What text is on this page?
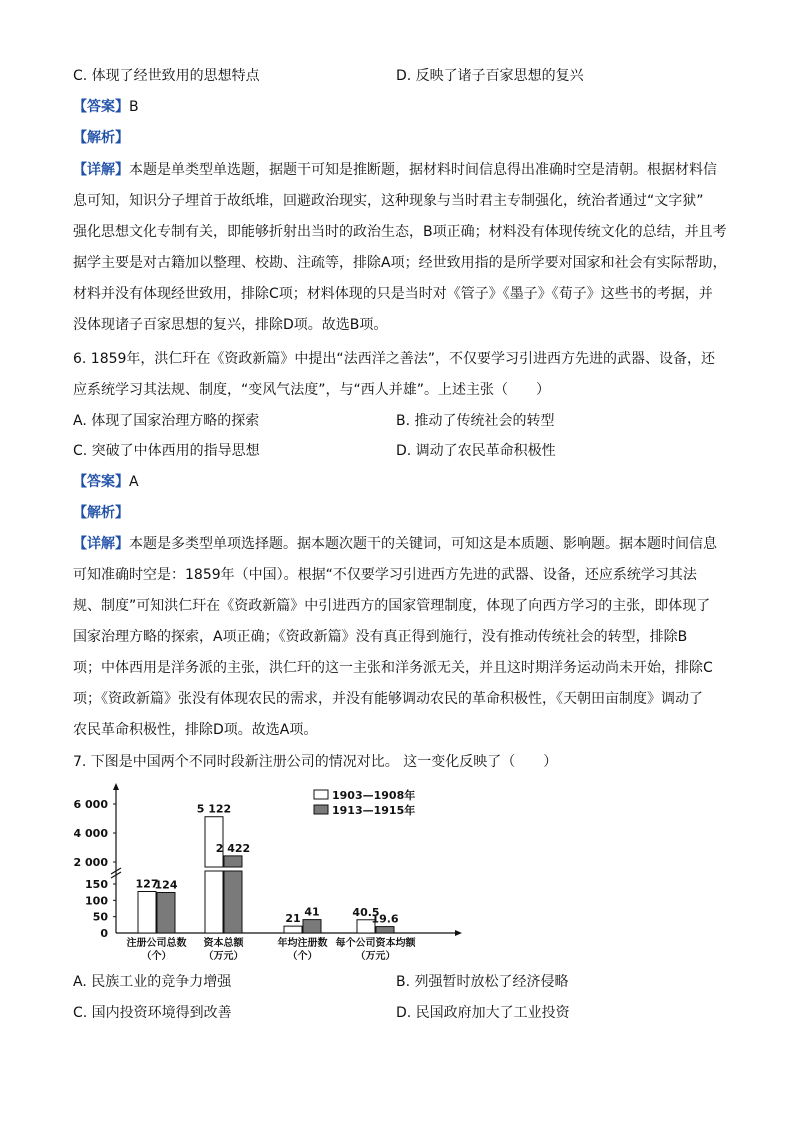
C. 体现了经世致用的思想特点	D. 反映了诸子百家思想的复兴
【答案】B
【解析】
【详解】本题是单类型单选题，据题干可知是推断题，据材料时间信息得出准确时空是清朝。根据材料信
息可知，知识分子埋首于故纸堆，回避政治现实，这种现象与当时君主专制强化，统治者通过“文字狱”
强化思想文化专制有关，即能够折射出当时的政治生态，B项正确；材料没有体现传统文化的总结，并且考
据学主要是对古籍加以整理、校勘、注疏等，排除A项；经世致用指的是所学要对国家和社会有实际帮助，
材料并没有体现经世致用，排除C项；材料体现的只是当时对《管子》《墨子》《荀子》这些书的考据，并
没体现诸子百家思想的复兴，排除D项。故选B项。
6. 1859年，洪仁玕在《资政新篇》中提出“法西洋之善法”，不仅要学习引进西方先进的武器、设备，还
应系统学习其法规、制度，“变风气法度”，与“西人并雄”。上述主张（　　）
A. 体现了国家治理方略的探索	B. 推动了传统社会的转型
C. 突破了中体西用的指导思想	D. 调动了农民革命积极性
【答案】A
【解析】
【详解】本题是多类型单项选择题。据本题次题干的关键词，可知这是本质题、影响题。据本题时间信息
可知准确时空是：1859年（中国）。根据“不仅要学习引进西方先进的武器、设备，还应系统学习其法
规、制度”可知洪仁玕在《资政新篇》中引进西方的国家管理制度，体现了向西方学习的主张，即体现了
国家治理方略的探索，A项正确；《资政新篇》没有真正得到施行，没有推动传统社会的转型，排除B
项；中体西用是洋务派的主张，洪仁玕的这一主张和洋务派无关，并且这时期洋务运动尚未开始，排除C
项；《资政新篇》张没有体现农民的需求，并没有能够调动农民的革命积极性，《天朝田亩制度》调动了
农民革命积极性，排除D项。故选A项。
7. 下图是中国两个不同时段新注册公司的情况对比。 这一变化反映了（　　）
0
50
100
150
2 000
4 000
6 000
127
5 122
21	40.5
124
2 422
41
19.6
注册公司总数
（个）
资本总额
（万元）
年均注册数
（个）
每个公司资本均额
（万元）
1903—1908年
1913—1915年
A. 民族工业的竞争力增强	B. 列强暂时放松了经济侵略
C. 国内投资环境得到改善	D. 民国政府加大了工业投资
